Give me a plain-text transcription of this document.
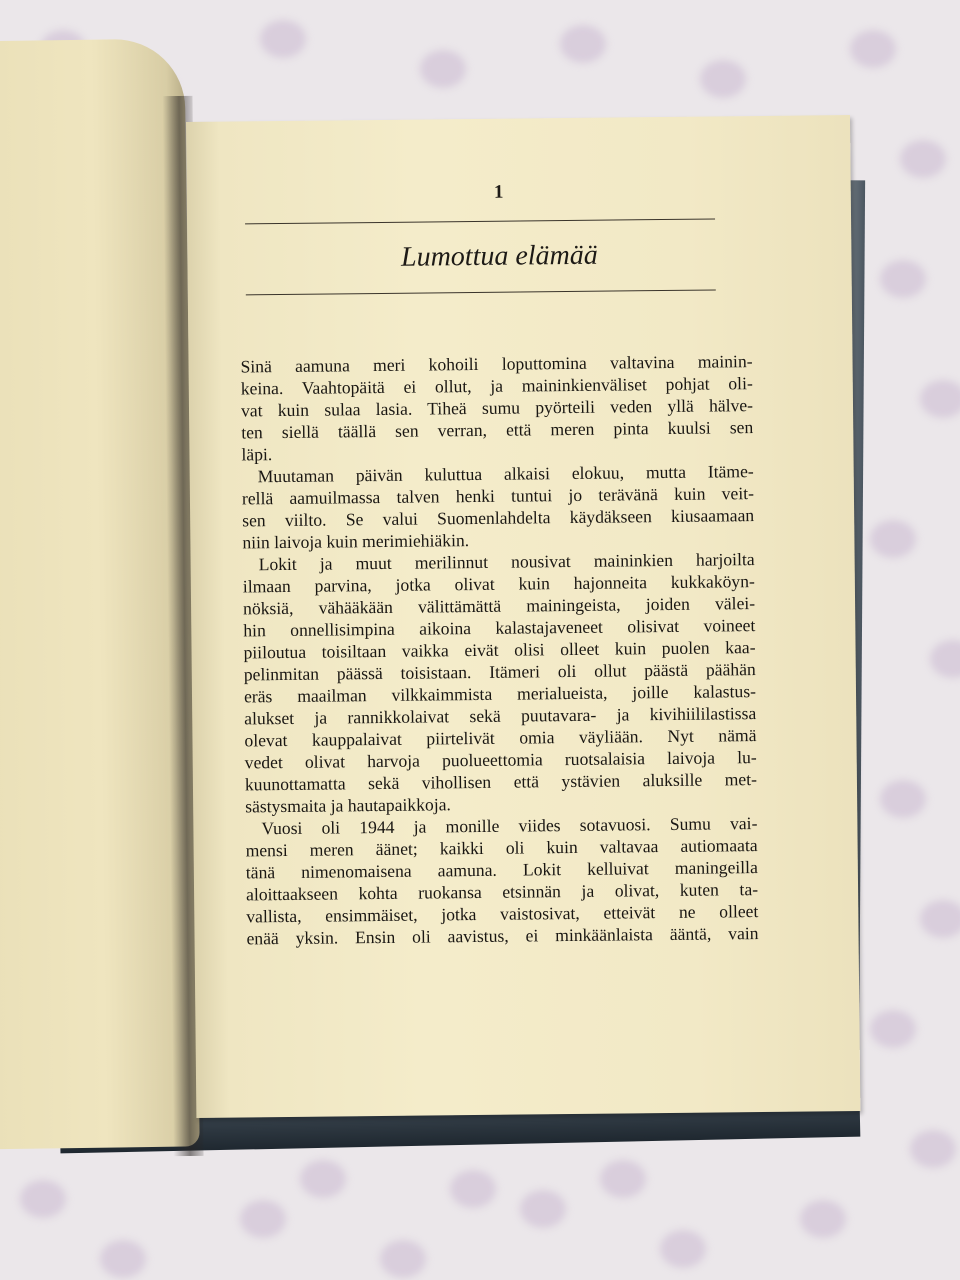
1
Lumottua elämää
Sinä aamuna meri kohoili loputtomina valtavina mainin-
keina. Vaahtopäitä ei ollut, ja maininkienväliset pohjat oli-
vat kuin sulaa lasia. Tiheä sumu pyörteili veden yllä hälve-
ten siellä täällä sen verran, että meren pinta kuulsi sen
läpi.
Muutaman päivän kuluttua alkaisi elokuu, mutta Itäme-
rellä aamuilmassa talven henki tuntui jo terävänä kuin veit-
sen viilto. Se valui Suomenlahdelta käydäkseen kiusaamaan
niin laivoja kuin merimiehiäkin.
Lokit ja muut merilinnut nousivat maininkien harjoilta
ilmaan parvina, jotka olivat kuin hajonneita kukkaköyn-
nöksiä, vähääkään välittämättä mainingeista, joiden välei-
hin onnellisimpina aikoina kalastajaveneet olisivat voineet
piiloutua toisiltaan vaikka eivät olisi olleet kuin puolen kaa-
pelinmitan päässä toisistaan. Itämeri oli ollut päästä päähän
eräs maailman vilkkaimmista merialueista, joille kalastus-
alukset ja rannikkolaivat sekä puutavara- ja kivihiililastissa
olevat kauppalaivat piirtelivät omia väyliään. Nyt nämä
vedet olivat harvoja puolueettomia ruotsalaisia laivoja lu-
kuunottamatta sekä vihollisen että ystävien aluksille met-
sästysmaita ja hautapaikkoja.
Vuosi oli 1944 ja monille viides sotavuosi. Sumu vai-
mensi meren äänet; kaikki oli kuin valtavaa autiomaata
tänä nimenomaisena aamuna. Lokit kelluivat maningeilla
aloittaakseen kohta ruokansa etsinnän ja olivat, kuten ta-
vallista, ensimmäiset, jotka vaistosivat, etteivät ne olleet
enää yksin. Ensin oli aavistus, ei minkäänlaista ääntä, vain
